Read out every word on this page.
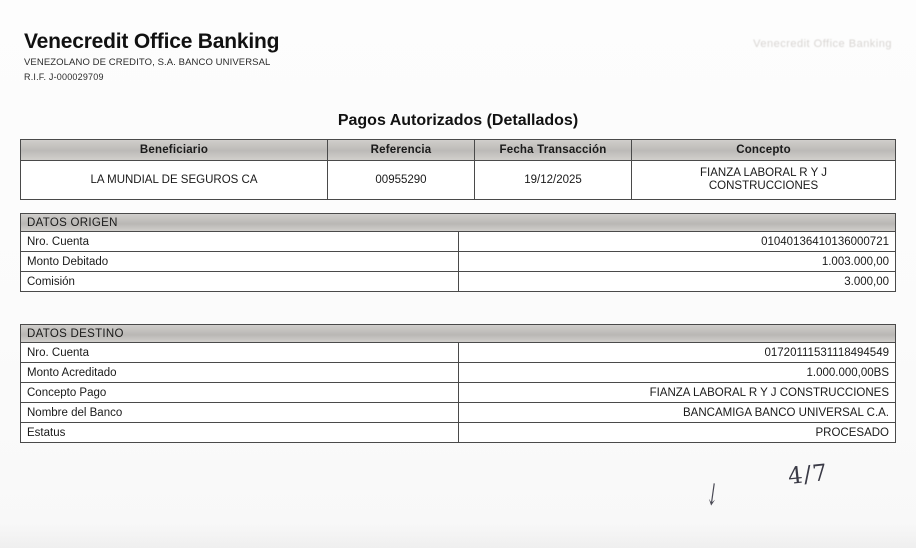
Venecredit Office Banking
VENEZOLANO DE CREDITO, S.A. BANCO UNIVERSAL
R.I.F. J-000029709
Venecredit Office Banking
Pagos Autorizados (Detallados)
Beneficiario	Referencia	Fecha Transacción	Concepto
LA MUNDIAL DE SEGUROS CA	00955290	19/12/2025	FIANZA LABORAL R Y J
CONSTRUCCIONES
DATOS ORIGEN	
Nro. Cuenta	01040136410136000721
Monto Debitado	1.003.000,00
Comisión	3.000,00
DATOS DESTINO	
Nro. Cuenta	01720111531118494549
Monto Acreditado	1.000.000,00BS
Concepto Pago	FIANZA LABORAL R Y J CONSTRUCCIONES
Nombre del Banco	BANCAMIGA BANCO UNIVERSAL C.A.
Estatus	PROCESADO
4/7
↓
